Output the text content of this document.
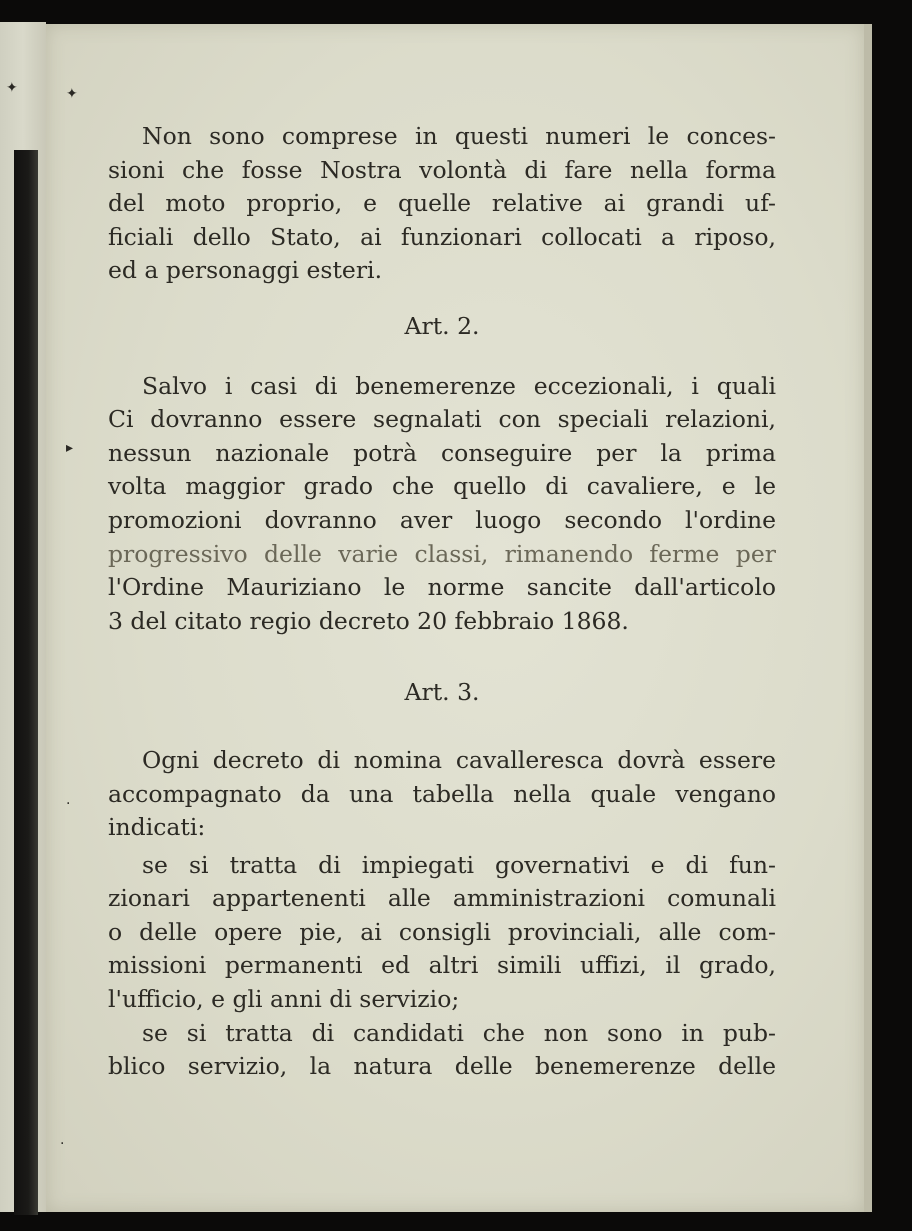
Non sono comprese in questi numeri le conces-

sioni che fosse Nostra volontà di fare nella forma

del moto proprio, e quelle relative ai grandi uf-

ficiali dello Stato, ai funzionari collocati a riposo,

ed a personaggi esteri.

Art. 2.

Salvo i casi di benemerenze eccezionali, i quali

Ci dovranno essere segnalati con speciali relazioni,

nessun nazionale potrà conseguire per la prima

volta maggior grado che quello di cavaliere, e le

promozioni dovranno aver luogo secondo l'ordine

progressivo delle varie classi, rimanendo ferme per

l'Ordine Mauriziano le norme sancite dall'articolo

3 del citato regio decreto 20 febbraio 1868.

Art. 3.

Ogni decreto di nomina cavalleresca dovrà essere

accompagnato da una tabella nella quale vengano

indicati:

se si tratta di impiegati governativi e di fun-

zionari appartenenti alle amministrazioni comunali

o delle opere pie, ai consigli provinciali, alle com-

missioni permanenti ed altri simili uffizi, il grado,

l'ufficio, e gli anni di servizio;

se si tratta di candidati che non sono in pub-

blico servizio, la natura delle benemerenze delle

✦	✦
▸
·
·
